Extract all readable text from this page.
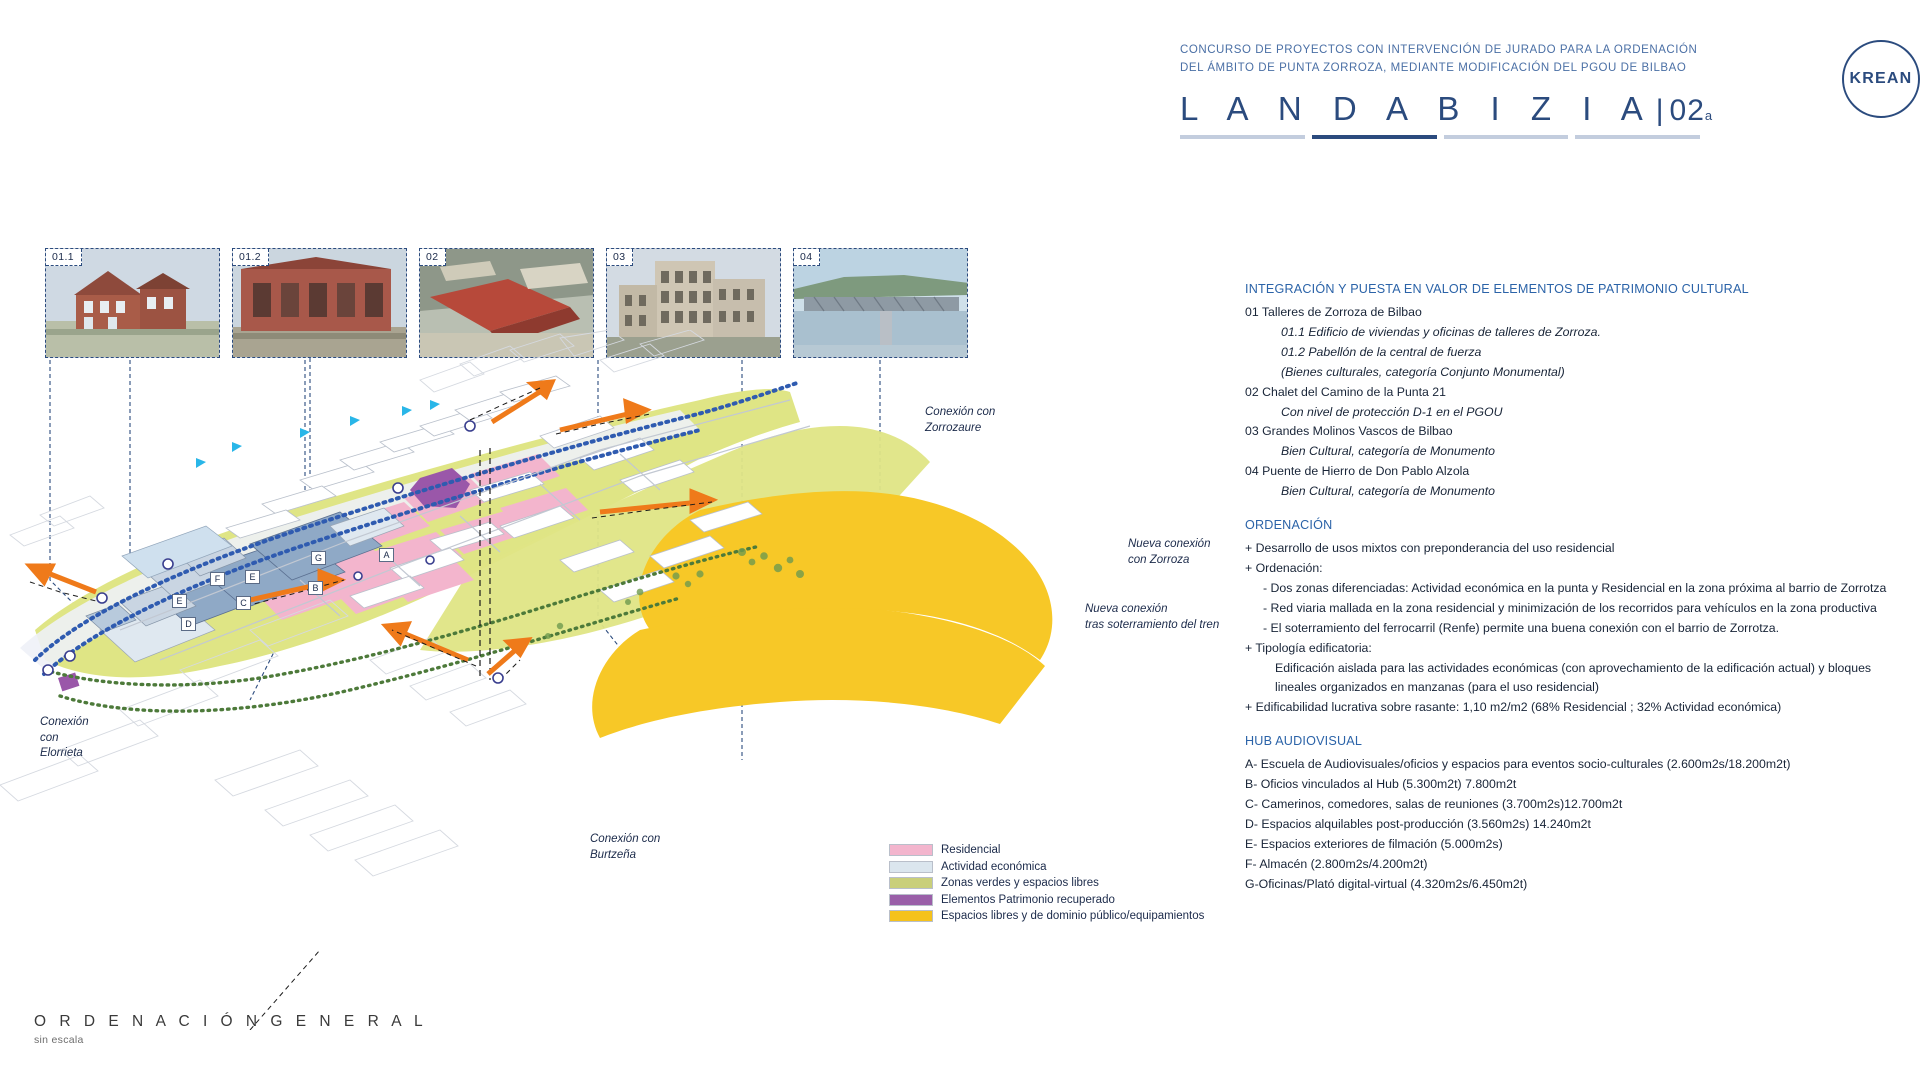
CONCURSO DE PROYECTOS CON INTERVENCIÓN DE JURADO PARA LA ORDENACIÓN
DEL ÁMBITO DE PUNTA ZORROZA, MEDIANTE MODIFICACIÓN DEL PGOU DE BILBAO
L A N D A B I Z I A | 02a
KREAN
01.1	01.2	02	03	04
A
B
C
D
E
E
F
G
Conexión con
Zorrozaure
Nueva conexión
con Zorroza
Nueva conexión
tras soterramiento del tren
Conexión
con
Elorrieta
Conexión con
Burtzeña	Residencial
Actividad económica
Zonas verdes y espacios libres
Elementos Patrimonio recuperado
Espacios libres y de dominio público/equipamientos
INTEGRACIÓN Y PUESTA EN VALOR DE ELEMENTOS DE PATRIMONIO CULTURAL
01 Talleres de Zorroza de Bilbao
01.1 Edificio de viviendas y oficinas de talleres de Zorroza.
01.2 Pabellón de la central de fuerza
(Bienes culturales, categoría Conjunto Monumental)
02 Chalet del Camino de la Punta 21
Con nivel de protección D-1 en el PGOU
03 Grandes Molinos Vascos de Bilbao
Bien Cultural, categoría de Monumento
04 Puente de Hierro de Don Pablo Alzola
Bien Cultural, categoría de Monumento
ORDENACIÓN
+ Desarrollo de usos mixtos con preponderancia del uso residencial
+ Ordenación:
- Dos zonas diferenciadas: Actividad económica en la punta y Residencial en la zona próxima al barrio de Zorrotza
- Red viaria mallada en la zona residencial y minimización de los recorridos para vehículos en la zona productiva
- El soterramiento del ferrocarril (Renfe) permite una buena conexión con el barrio de Zorrotza.
+ Tipología edificatoria:
Edificación aislada para las actividades económicas (con aprovechamiento de la edificación actual) y bloques
lineales organizados en manzanas (para el uso residencial)
+ Edificabilidad lucrativa sobre rasante: 1,10 m2/m2 (68% Residencial ; 32% Actividad económica)
HUB AUDIOVISUAL
A- Escuela de Audiovisuales/oficios y espacios para eventos socio-culturales (2.600m2s/18.200m2t)
B- Oficios vinculados al Hub (5.300m2t) 7.800m2t
C- Camerinos, comedores, salas de reuniones (3.700m2s)12.700m2t
D- Espacios alquilables post-producción (3.560m2s) 14.240m2t
E- Espacios exteriores de filmación (5.000m2s)
F- Almacén (2.800m2s/4.200m2t)
G-Oficinas/Plató digital-virtual (4.320m2s/6.450m2t)
O R D E N A C I Ó N G E N E R A L
sin escala
